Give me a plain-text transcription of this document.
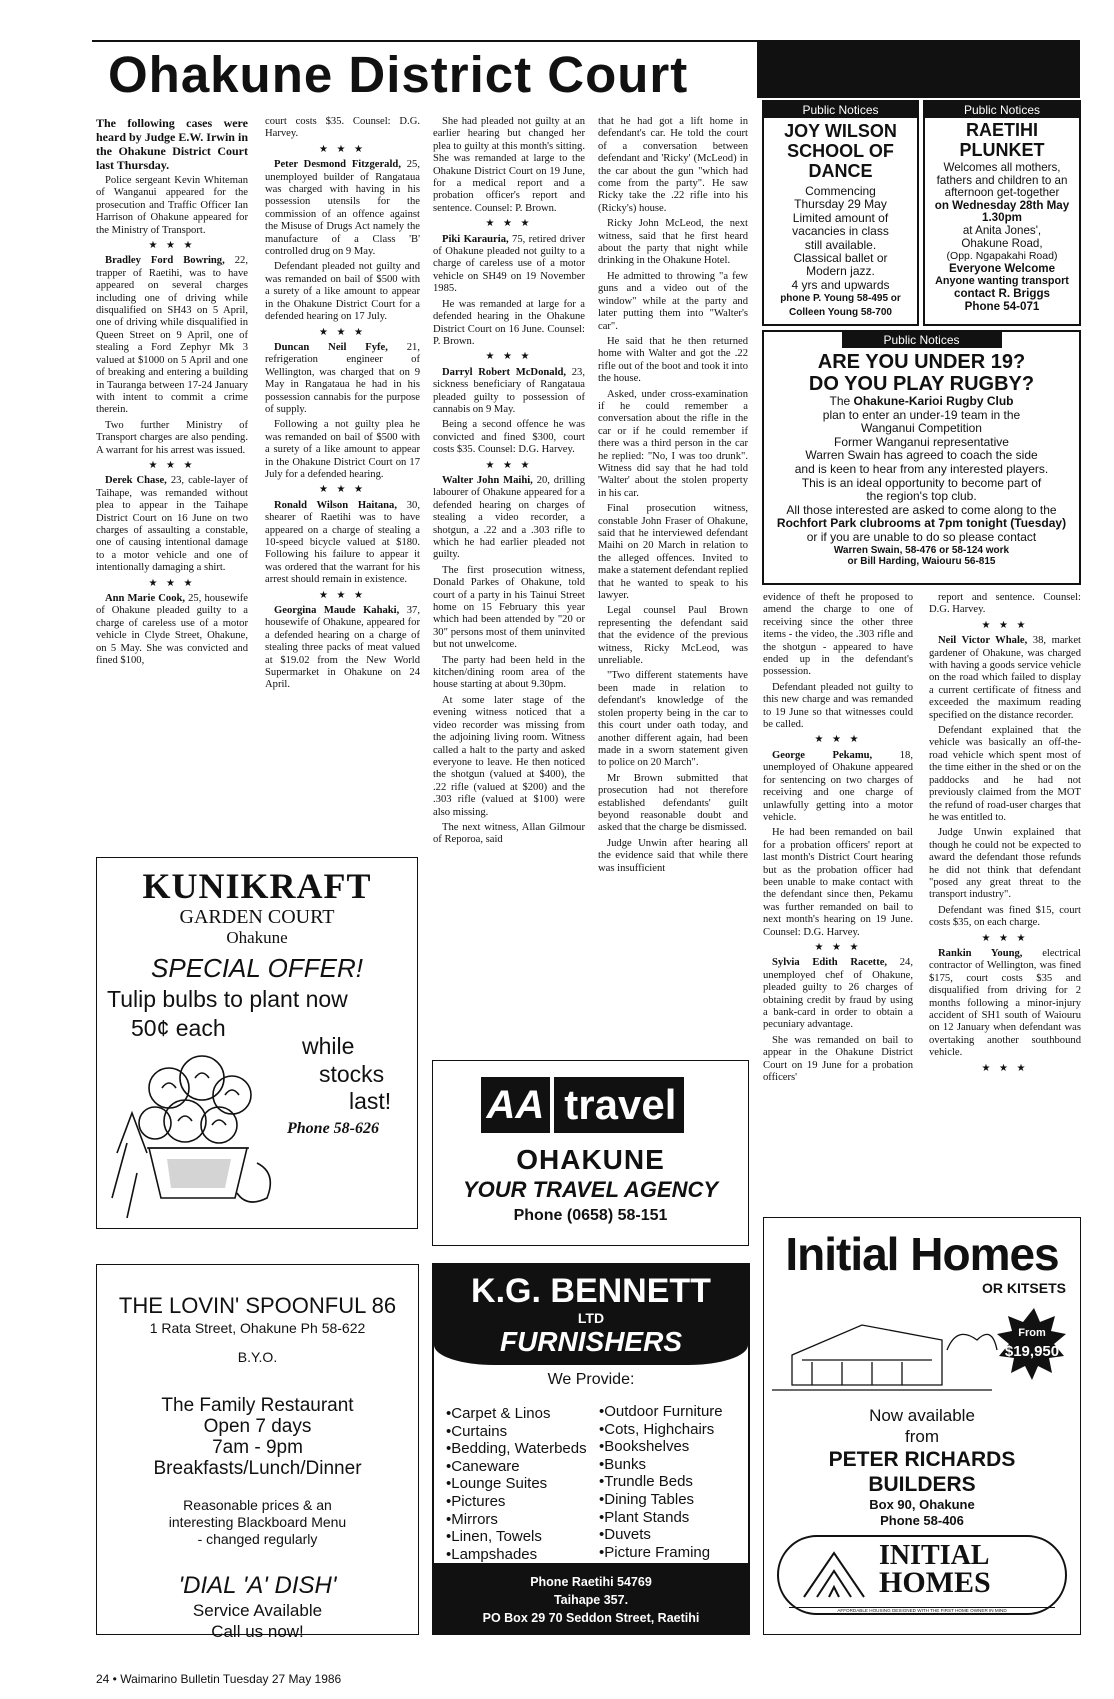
Ohakune District Court

The following cases were heard by Judge E.W. Irwin in the Ohakune District Court last Thursday.

Police sergeant Kevin Whiteman of Wanganui appeared for the prosecution and Traffic Officer Ian Harrison of Ohakune appeared for the Ministry of Transport.

★ ★ ★

Bradley Ford Bowring, 22, trapper of Raetihi, was to have appeared on several charges including one of driving while disqualified on SH43 on 5 April, one of driving while disqualified in Queen Street on 9 April, one of stealing a Ford Zephyr Mk 3 valued at $1000 on 5 April and one of breaking and entering a building in Tauranga between 17-24 January with intent to commit a crime therein.

Two further Ministry of Transport charges are also pending. A warrant for his arrest was issued.

★ ★ ★

Derek Chase, 23, cable-layer of Taihape, was remanded without plea to appear in the Taihape District Court on 16 June on two charges of assaulting a constable, one of causing intentional damage to a motor vehicle and one of intentionally damaging a shirt.

★ ★ ★

Ann Marie Cook, 25, housewife of Ohakune pleaded guilty to a charge of careless use of a motor vehicle in Clyde Street, Ohakune, on 5 May. She was convicted and fined $100,

court costs $35. Counsel: D.G. Harvey.

★ ★ ★

Peter Desmond Fitzgerald, 25, unemployed builder of Rangataua was charged with having in his possession utensils for the commission of an offence against the Misuse of Drugs Act namely the manufacture of a Class 'B' controlled drug on 9 May.

Defendant pleaded not guilty and was remanded on bail of $500 with a surety of a like amount to appear in the Ohakune District Court for a defended hearing on 17 July.

★ ★ ★

Duncan Neil Fyfe, 21, refrigeration engineer of Wellington, was charged that on 9 May in Rangataua he had in his possession cannabis for the purpose of supply.

Following a not guilty plea he was remanded on bail of $500 with a surety of a like amount to appear in the Ohakune District Court on 17 July for a defended hearing.

★ ★ ★

Ronald Wilson Haitana, 30, shearer of Raetihi was to have appeared on a charge of stealing a 10-speed bicycle valued at $180. Following his failure to appear it was ordered that the warrant for his arrest should remain in existence.

★ ★ ★

Georgina Maude Kahaki, 37, housewife of Ohakune, appeared for a defended hearing on a charge of stealing three packs of meat valued at $19.02 from the New World Supermarket in Ohakune on 24 April.

She had pleaded not guilty at an earlier hearing but changed her plea to guilty at this month's sitting. She was remanded at large to the Ohakune District Court on 19 June, for a medical report and a probation officer's report and sentence. Counsel: P. Brown.

★ ★ ★

Piki Karauria, 75, retired driver of Ohakune pleaded not guilty to a charge of careless use of a motor vehicle on SH49 on 19 November 1985.

He was remanded at large for a defended hearing in the Ohakune District Court on 16 June. Counsel: P. Brown.

★ ★ ★

Darryl Robert McDonald, 23, sickness beneficiary of Rangataua pleaded guilty to possession of cannabis on 9 May.

Being a second offence he was convicted and fined $300, court costs $35. Counsel: D.G. Harvey.

★ ★ ★

Walter John Maihi, 20, drilling labourer of Ohakune appeared for a defended hearing on charges of stealing a video recorder, a shotgun, a .22 and a .303 rifle to which he had earlier pleaded not guilty.

The first prosecution witness, Donald Parkes of Ohakune, told court of a party in his Tainui Street home on 15 February this year which had been attended by "20 or 30" persons most of them uninvited but not unwelcome.

The party had been held in the kitchen/dining room area of the house starting at about 9.30pm.

At some later stage of the evening witness noticed that a video recorder was missing from the adjoining living room. Witness called a halt to the party and asked everyone to leave. He then noticed the shotgun (valued at $400), the .22 rifle (valued at $200) and the .303 rifle (valued at $100) were also missing.

The next witness, Allan Gilmour of Reporoa, said

that he had got a lift home in defendant's car. He told the court of a conversation between defendant and 'Ricky' (McLeod) in the car about the gun "which had come from the party". He saw Ricky take the .22 rifle into his (Ricky's) house.

Ricky John McLeod, the next witness, said that he first heard about the party that night while drinking in the Ohakune Hotel.

He admitted to throwing "a few guns and a video out of the window" while at the party and later putting them into "Walter's car".

He said that he then returned home with Walter and got the .22 rifle out of the boot and took it into the house.

Asked, under cross-examination if he could remember a conversation about the rifle in the car or if he could remember if there was a third person in the car he replied: "No, I was too drunk". Witness did say that he had told 'Walter' about the stolen property in his car.

Final prosecution witness, constable John Fraser of Ohakune, said that he interviewed defendant Maihi on 20 March in relation to the alleged offences. Invited to make a statement defendant replied that he wanted to speak to his lawyer.

Legal counsel Paul Brown representing the defendant said that the evidence of the previous witness, Ricky McLeod, was unreliable.

"Two different statements have been made in relation to defendant's knowledge of the stolen property being in the car to this court under oath today, and another different again, had been made in a sworn statement given to police on 20 March".

Mr Brown submitted that prosecution had not therefore established defendants' guilt beyond reasonable doubt and asked that the charge be dismissed.

Judge Unwin after hearing all the evidence said that while there was insufficient

evidence of theft he proposed to amend the charge to one of receiving since the other three items - the video, the .303 rifle and the shotgun - appeared to have ended up in the defendant's possession.

Defendant pleaded not guilty to this new charge and was remanded to 19 June so that witnesses could be called.

★ ★ ★

George Pekamu,	18, unemployed of Ohakune appeared for sentencing on two charges of receiving and one charge of unlawfully getting into a motor vehicle.

He had been remanded on bail for a probation officers' report at last month's District Court hearing but as the probation officer had been unable to make contact with the defendant since then, Pekamu was further remanded on bail to next month's hearing on 19 June. Counsel: D.G. Harvey.

★ ★ ★

Sylvia Edith Racette, 24, unemployed chef of Ohakune, pleaded guilty to 26 charges of obtaining credit by fraud by using a bank-card in order to obtain a pecuniary advantage.

She was remanded on bail to appear in the Ohakune District Court on 19 June for a probation officers'

report and sentence. Counsel: D.G. Harvey.

★ ★ ★

Neil Victor Whale, 38, market gardener of Ohakune, was charged with having a goods service vehicle on the road which failed to display a current certificate of fitness and exceeded the maximum reading specified on the distance recorder.

Defendant explained that the vehicle was basically an off-the-road vehicle which spent most of the time either in the shed or on the paddocks and he had not previously claimed from the MOT the refund of road-user charges that he was entitled to.

Judge Unwin explained that though he could not be expected to award the defendant those refunds he did not think that defendant "posed any great threat to the transport industry".

Defendant was fined $15, court costs $35, on each charge.

★ ★ ★

Rankin Young, electrical contractor of Wellington, was fined $175, court costs $35 and disqualified from driving for 2 months following a minor-injury accident of SH1 south of Waiouru on 12 January when defendant was overtaking another southbound vehicle.

★ ★ ★
Public Notices
JOY WILSON SCHOOL OF DANCE
Commencing
Thursday 29 May
Limited amount of
vacancies in class
still available.
Classical ballet or
Modern jazz.
4 yrs and upwards
phone P. Young 58-495 or
Colleen Young 58-700
Public Notices
RAETIHI PLUNKET
Welcomes all mothers,
fathers and children to an
afternoon get-together
on Wednesday 28th May
1.30pm
at Anita Jones',
Ohakune Road,
(Opp. Ngapakahi Road)
Everyone Welcome
Anyone wanting transport
contact R. Briggs
Phone 54-071
Public Notices
ARE YOU UNDER 19?
DO YOU PLAY RUGBY?
The Ohakune-Karioi Rugby Club
plan to enter an under-19 team in the
Wanganui Competition
Former Wanganui representative
Warren Swain has agreed to coach the side
and is keen to hear from any interested players.
This is an ideal opportunity to become part of
the region's top club.
All those interested are asked to come along to the
Rochfort Park clubrooms at 7pm tonight (Tuesday)
or if you are unable to do so please contact
Warren Swain, 58-476 or 58-124 work
or Bill Harding, Waiouru 56-815
KUNIKRAFT
GARDEN COURT
Ohakune
SPECIAL OFFER!
Tulip bulbs to plant now
50¢ each
while
stocks
last!
Phone 58-626
AA travel
OHAKUNE
YOUR TRAVEL AGENCY
Phone (0658) 58-151
THE LOVIN' SPOONFUL 86
1 Rata Street, Ohakune Ph 58-622
B.Y.O.
The Family Restaurant
Open 7 days
7am - 9pm
Breakfasts/Lunch/Dinner
Reasonable prices & an
interesting Blackboard Menu
- changed regularly
'DIAL 'A' DISH'
Service Available
Call us now!
K.G. BENNETT
LTD
FURNISHERS
We Provide:
•Carpet & Linos
•Curtains
•Bedding, Waterbeds
•Caneware
•Lounge Suites
•Pictures
•Mirrors
•Linen, Towels
•Lampshades
•Outdoor Furniture
•Cots, Highchairs
•Bookshelves
•Bunks
•Trundle Beds
•Dining Tables
•Plant Stands
•Duvets
•Picture Framing
Phone Raetihi 54769
Taihape 357.
PO Box 29 70 Seddon Street, Raetihi
Initial Homes
OR KITSETS
From
$19,950
Now available
from
PETER RICHARDS
BUILDERS
Box 90, Ohakune
Phone 58-406
INITIAL
HOMES
AFFORDABLE HOUSING DESIGNED WITH THE FIRST HOME OWNER IN MIND
24 • Waimarino Bulletin Tuesday 27 May 1986
